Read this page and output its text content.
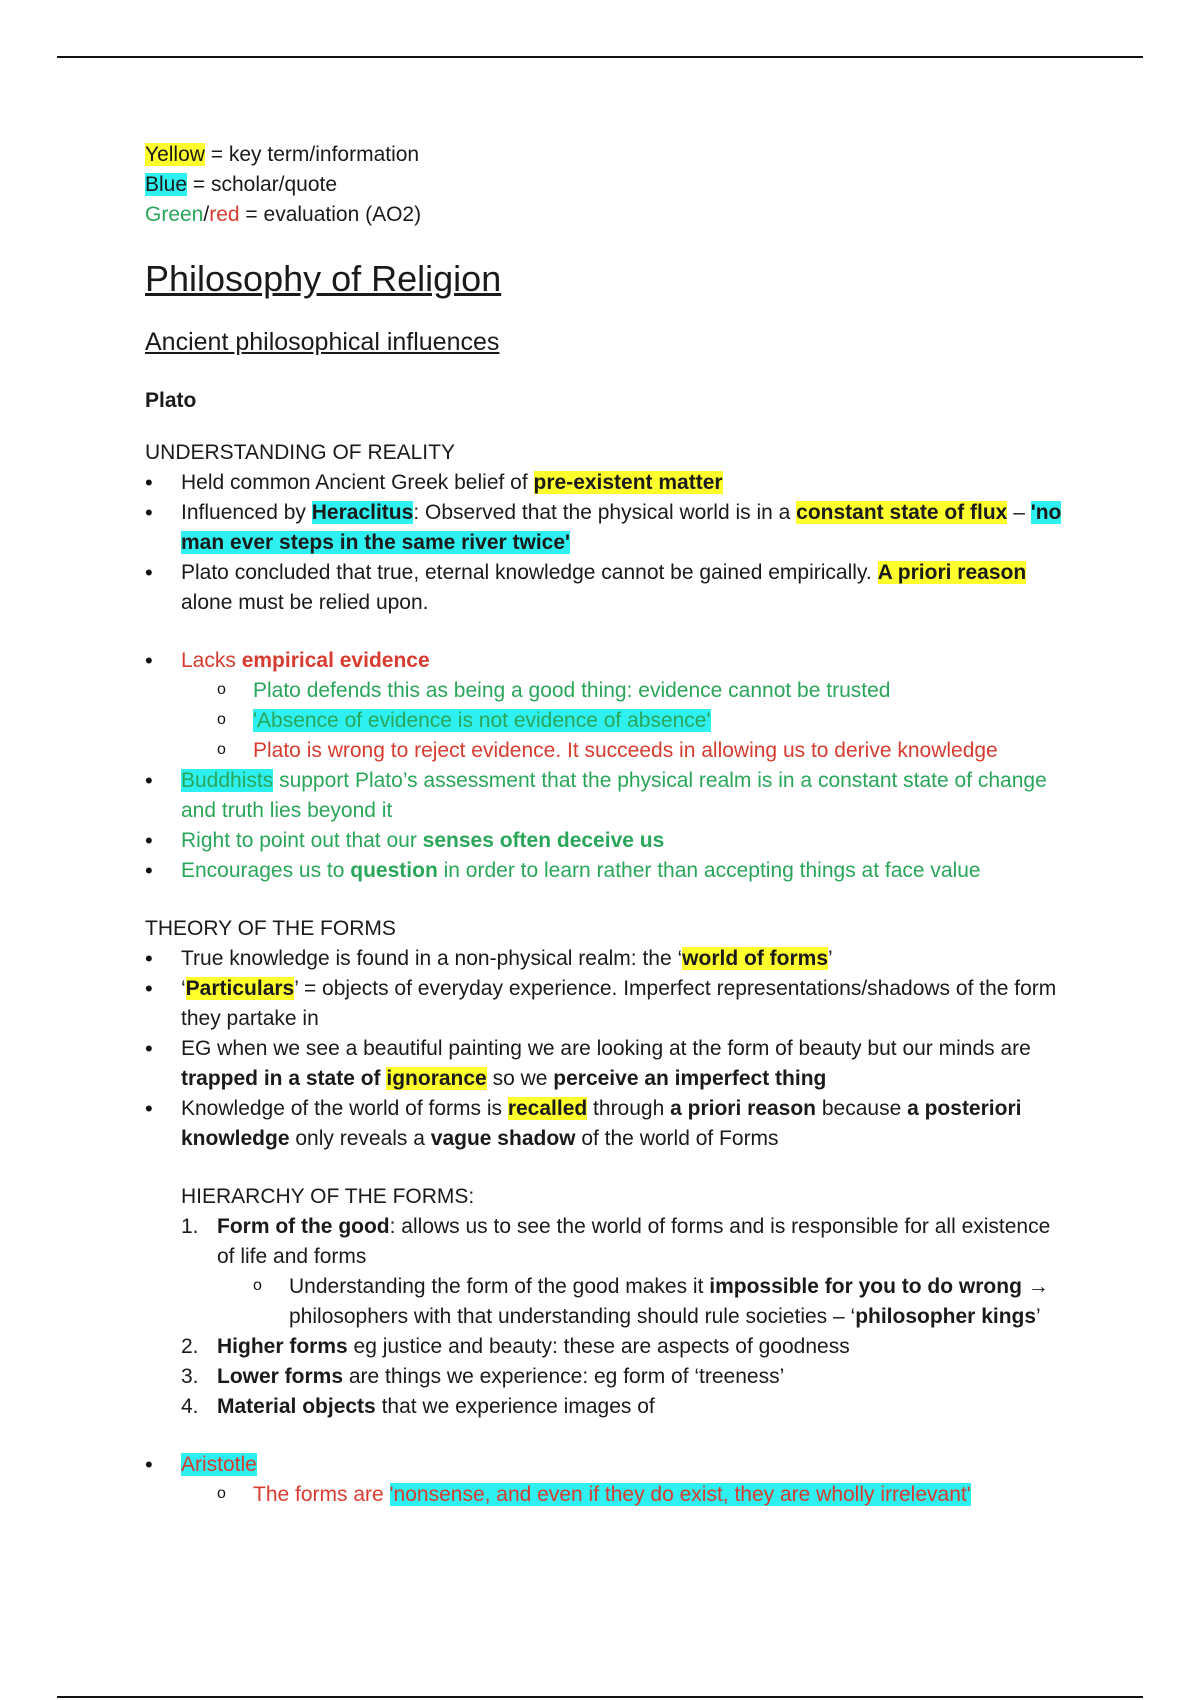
Yellow = key term/information

Blue = scholar/quote

Green/red = evaluation (AO2)

Philosophy of Religion
Ancient philosophical influences

Plato

UNDERSTANDING OF REALITY

• Held common Ancient Greek belief of pre-existent matter
• Influenced by Heraclitus: Observed that the physical world is in a constant state of flux – 'no man ever steps in the same river twice'
• Plato concluded that true, eternal knowledge cannot be gained empirically. A priori reason alone must be relied upon.
• Lacks empirical evidence
o Plato defends this as being a good thing: evidence cannot be trusted
o 'Absence of evidence is not evidence of absence'
o Plato is wrong to reject evidence. It succeeds in allowing us to derive knowledge
• Buddhists support Plato’s assessment that the physical realm is in a constant state of change and truth lies beyond it
• Right to point out that our senses often deceive us
• Encourages us to question in order to learn rather than accepting things at face value

THEORY OF THE FORMS

• True knowledge is found in a non-physical realm: the ‘world of forms’
• ‘Particulars’ = objects of everyday experience. Imperfect representations/shadows of the form they partake in
• EG when we see a beautiful painting we are looking at the form of beauty but our minds are trapped in a state of ignorance so we perceive an imperfect thing
• Knowledge of the world of forms is recalled through a priori reason because a posteriori knowledge only reveals a vague shadow of the world of Forms

HIERARCHY OF THE FORMS:

1. Form of the good: allows us to see the world of forms and is responsible for all existence of life and forms
o Understanding the form of the good makes it impossible for you to do wrong → philosophers with that understanding should rule societies – ‘philosopher kings’
2. Higher forms eg justice and beauty: these are aspects of goodness
3. Lower forms are things we experience: eg form of ‘treeness’
4. Material objects that we experience images of
• Aristotle
o The forms are 'nonsense, and even if they do exist, they are wholly irrelevant'
